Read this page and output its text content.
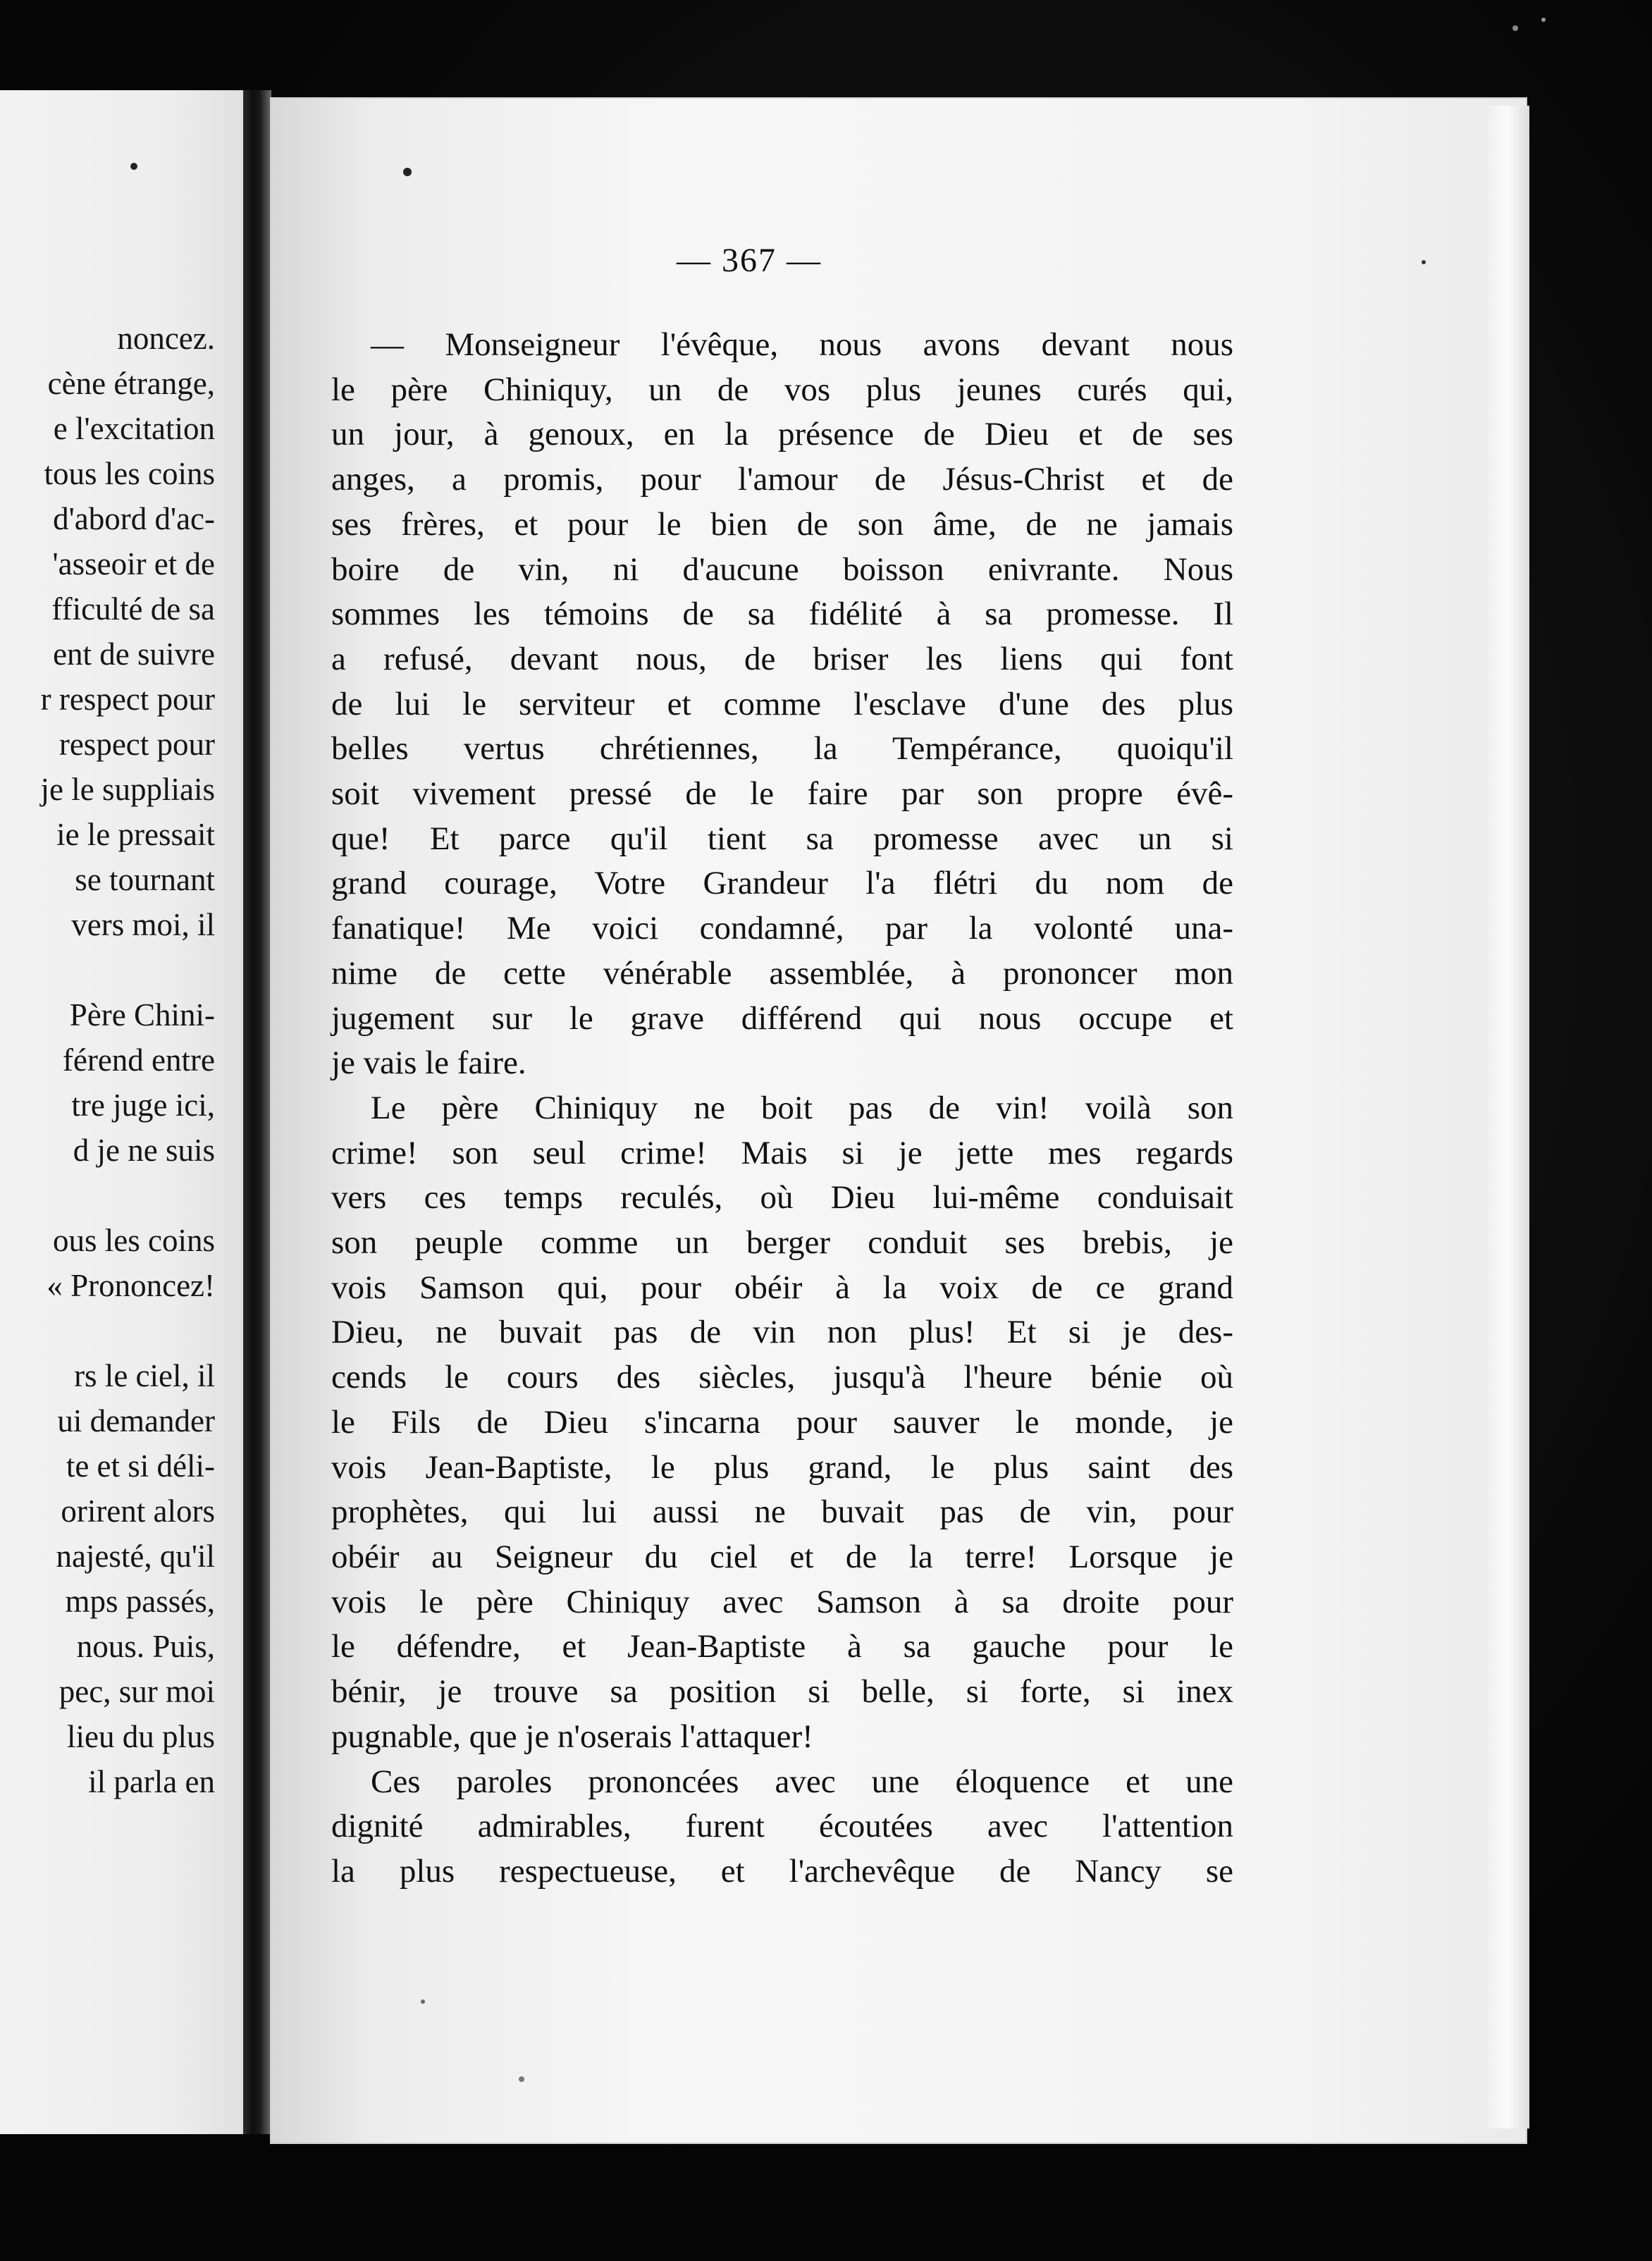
noncez.
cène étrange,
e l'excitation
tous les coins
d'abord d'ac-
'asseoir et de
fficulté de sa
ent de suivre
r respect pour
respect pour
je le suppliais
ie le pressait
se tournant
vers moi, il
Père Chini-
férend entre
tre juge ici,
d je ne suis
ous les coins
« Prononcez!
rs le ciel, il
ui demander
te et si déli-
orirent alors
najesté, qu'il
mps passés,
nous. Puis,
pec, sur moi
lieu du plus
il parla en
— 367 —
— Monseigneur l'évêque, nous avons devant nous
le père Chiniquy, un de vos plus jeunes curés qui,
un jour, à genoux, en la présence de Dieu et de ses
anges, a promis, pour l'amour de Jésus-Christ et de
ses frères, et pour le bien de son âme, de ne jamais
boire de vin, ni d'aucune boisson enivrante. Nous
sommes les témoins de sa fidélité à sa promesse. Il
a refusé, devant nous, de briser les liens qui font
de lui le serviteur et comme l'esclave d'une des plus
belles vertus chrétiennes, la Tempérance, quoiqu'il
soit vivement pressé de le faire par son propre évê-
que! Et parce qu'il tient sa promesse avec un si
grand courage, Votre Grandeur l'a flétri du nom de
fanatique! Me voici condamné, par la volonté una-
nime de cette vénérable assemblée, à prononcer mon
jugement sur le grave différend qui nous occupe et
je vais le faire.
Le père Chiniquy ne boit pas de vin! voilà son
crime! son seul crime! Mais si je jette mes regards
vers ces temps reculés, où Dieu lui-même conduisait
son peuple comme un berger conduit ses brebis, je
vois Samson qui, pour obéir à la voix de ce grand
Dieu, ne buvait pas de vin non plus! Et si je des-
cends le cours des siècles, jusqu'à l'heure bénie où
le Fils de Dieu s'incarna pour sauver le monde, je
vois Jean-Baptiste, le plus grand, le plus saint des
prophètes, qui lui aussi ne buvait pas de vin, pour
obéir au Seigneur du ciel et de la terre! Lorsque je
vois le père Chiniquy avec Samson à sa droite pour
le défendre, et Jean-Baptiste à sa gauche pour le
bénir, je trouve sa position si belle, si forte, si inex
pugnable, que je n'oserais l'attaquer!
Ces paroles prononcées avec une éloquence et une
dignité admirables, furent écoutées avec l'attention
la plus respectueuse, et l'archevêque de Nancy se
